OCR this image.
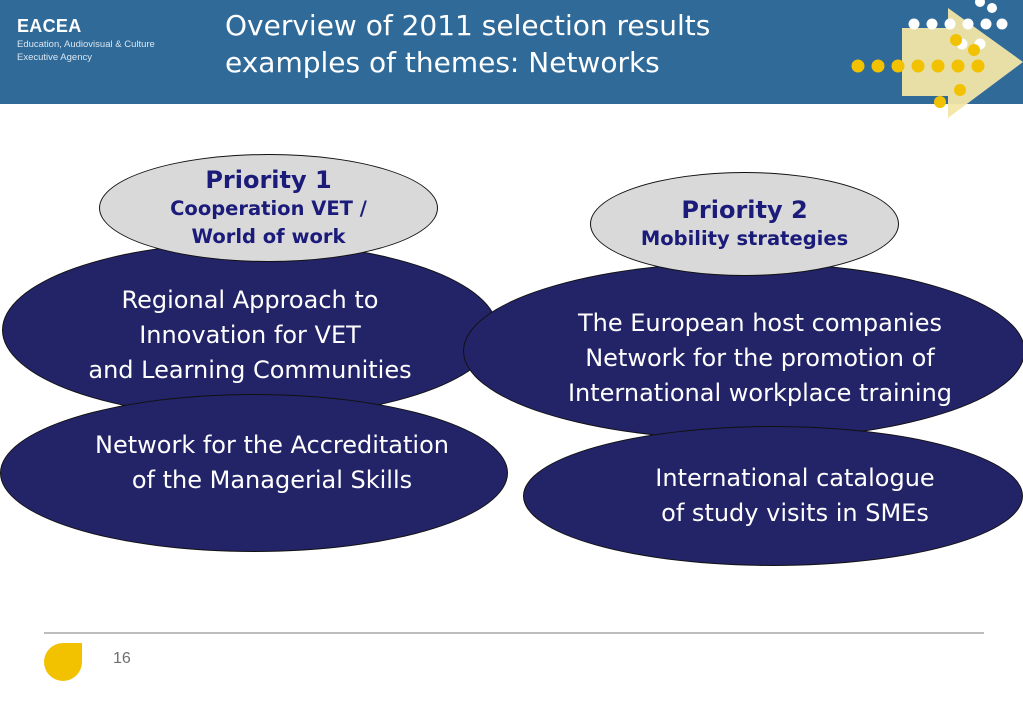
EACEA
Education, Audiovisual & Culture
Executive Agency
Overview of 2011 selection results
examples of themes: Networks
Regional Approach to
Innovation for VET
and Learning Communities
Network for the Accreditation
of the Managerial Skills
Priority 1
Cooperation VET /
World of work
The European host companies
Network for the promotion of
International workplace training
International catalogue
of study visits in SMEs
Priority 2
Mobility strategies
16
